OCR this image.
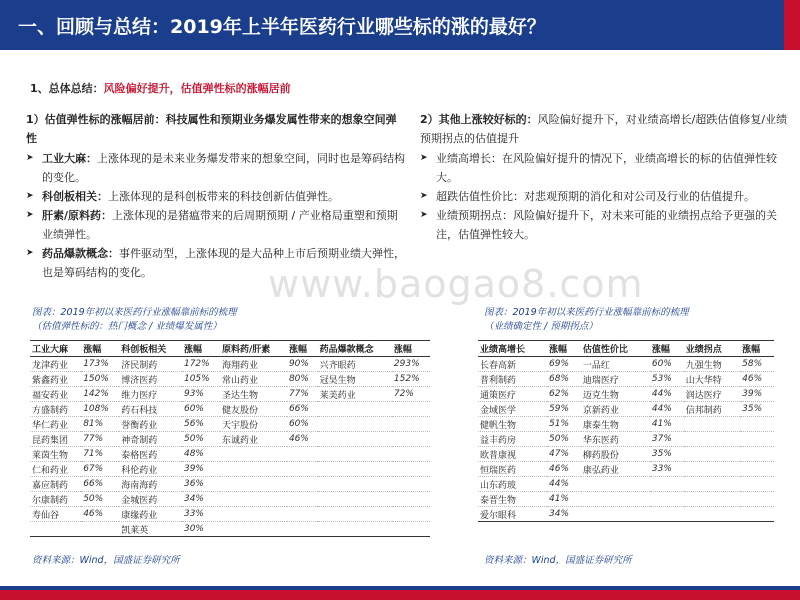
一、回顾与总结：2019年上半年医药行业哪些标的涨的最好？
1、总体总结：风险偏好提升，估值弹性标的涨幅居前

1）估值弹性标的涨幅居前：科技属性和预期业务爆发属性带来的想象空间弹性

➤ 工业大麻：上涨体现的是未来业务爆发带来的想象空间，同时也是筹码结构的变化。
➤ 科创板相关：上涨体现的是科创板带来的科技创新估值弹性。
➤ 肝素/原料药：上涨体现的是猪瘟带来的后周期预期 / 产业格局重塑和预期业绩弹性。
➤ 药品爆款概念：事件驱动型，上涨体现的是大品种上市后预期业绩大弹性，也是筹码结构的变化。

2）其他上涨较好标的：风险偏好提升下，对业绩高增长/超跌估值修复/业绩预期拐点的估值提升

➤ 业绩高增长：在风险偏好提升的情况下，业绩高增长的标的估值弹性较大。
➤ 超跌估值性价比：对悲观预期的消化和对公司及行业的估值提升。
➤ 业绩预期拐点：风险偏好提升下，对未来可能的业绩拐点给予更强的关注，估值弹性较大。
www.baogao8.com
图表：2019年初以来医药行业涨幅靠前标的梳理
（估值弹性标的：热门概念 / 业绩爆发属性）
图表：2019年初以来医药行业涨幅靠前标的梳理
（业绩确定性 / 预期拐点）
工业大麻	涨幅	科创板相关	涨幅	原料药/肝素	涨幅	药品爆款概念	涨幅
龙津药业	173%	济民制药	172%	海翔药业	90%	兴齐眼药	293%
紫鑫药业	150%	博济医药	105%	常山药业	80%	冠昊生物	152%
福安药业	142%	维力医疗	93%	圣达生物	77%	莱美药业	72%
方盛制药	108%	药石科技	60%	健友股份	66%		
华仁药业	81%	誉衡药业	56%	天宇股份	60%		
昆药集团	77%	神奇制药	50%	东诚药业	46%		
莱茵生物	71%	泰格医药	48%				
仁和药业	67%	科伦药业	39%				
嘉应制药	66%	海南海药	36%				
尔康制药	50%	金城医药	34%				
寿仙谷	46%	康缘药业	33%				
		凯莱英	30%				
业绩高增长	涨幅	估值性价比	涨幅	业绩拐点	涨幅
长春高新	69%	一品红	60%	九强生物	58%
普利制药	68%	迪瑞医疗	53%	山大华特	46%
通策医疗	62%	迈克生物	44%	润达医疗	39%
金域医学	59%	京新药业	44%	信邦制药	35%
健帆生物	51%	康泰生物	41%		
益丰药房	50%	华东医药	37%		
欧普康视	47%	柳药股份	35%		
恒瑞医药	46%	康弘药业	33%		
山东药玻	44%				
泰晋生物	41%				
爱尔眼科	34%				
资料来源：Wind，国盛证券研究所	资料来源：Wind，国盛证券研究所
